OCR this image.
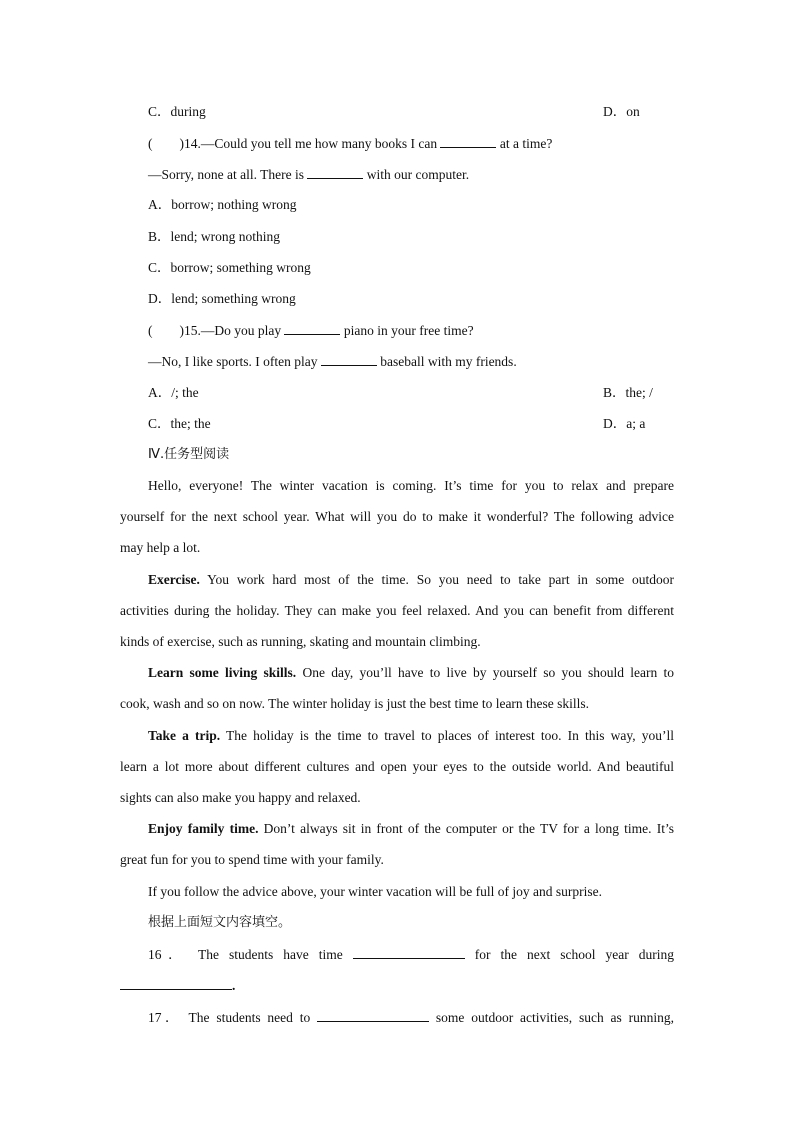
C．during	D．on
(　　)14.—Could you tell me how many books I can	at a time?
—Sorry, none at all. There is	with our computer.
A．borrow; nothing wrong
B．lend; wrong nothing
C．borrow; something wrong
D．lend; something wrong
(　　)15.—Do you play	piano in your free time?
—No, I like sports. I often play	baseball with my friends.
A．/; the	B．the; /
C．the; the	D．a; a
Ⅳ.任务型阅读
Hello, everyone! The winter vacation is coming. It’s time for you to relax and prepare
yourself for the next school year. What will you do to make it wonderful? The following advice
may help a lot.
Exercise. You work hard most of the time. So you need to take part in some outdoor
activities during the holiday. They can make you feel relaxed. And you can benefit from different
kinds of exercise, such as running, skating and mountain climbing.
Learn some living skills. One day, you’ll have to live by yourself so you should learn to
cook, wash and so on now. The winter holiday is just the best time to learn these skills.
Take a trip. The holiday is the time to travel to places of interest too. In this way, you’ll
learn a lot more about different cultures and open your eyes to the outside world. And beautiful
sights can also make you happy and relaxed.
Enjoy family time. Don’t always sit in front of the computer or the TV for a long time. It’s
great fun for you to spend time with your family.
If you follow the advice above, your winter vacation will be full of joy and surprise.
根据上面短文内容填空。
16． The students have time	for the next school year during
.
17． The students need to	some outdoor activities, such as running,
